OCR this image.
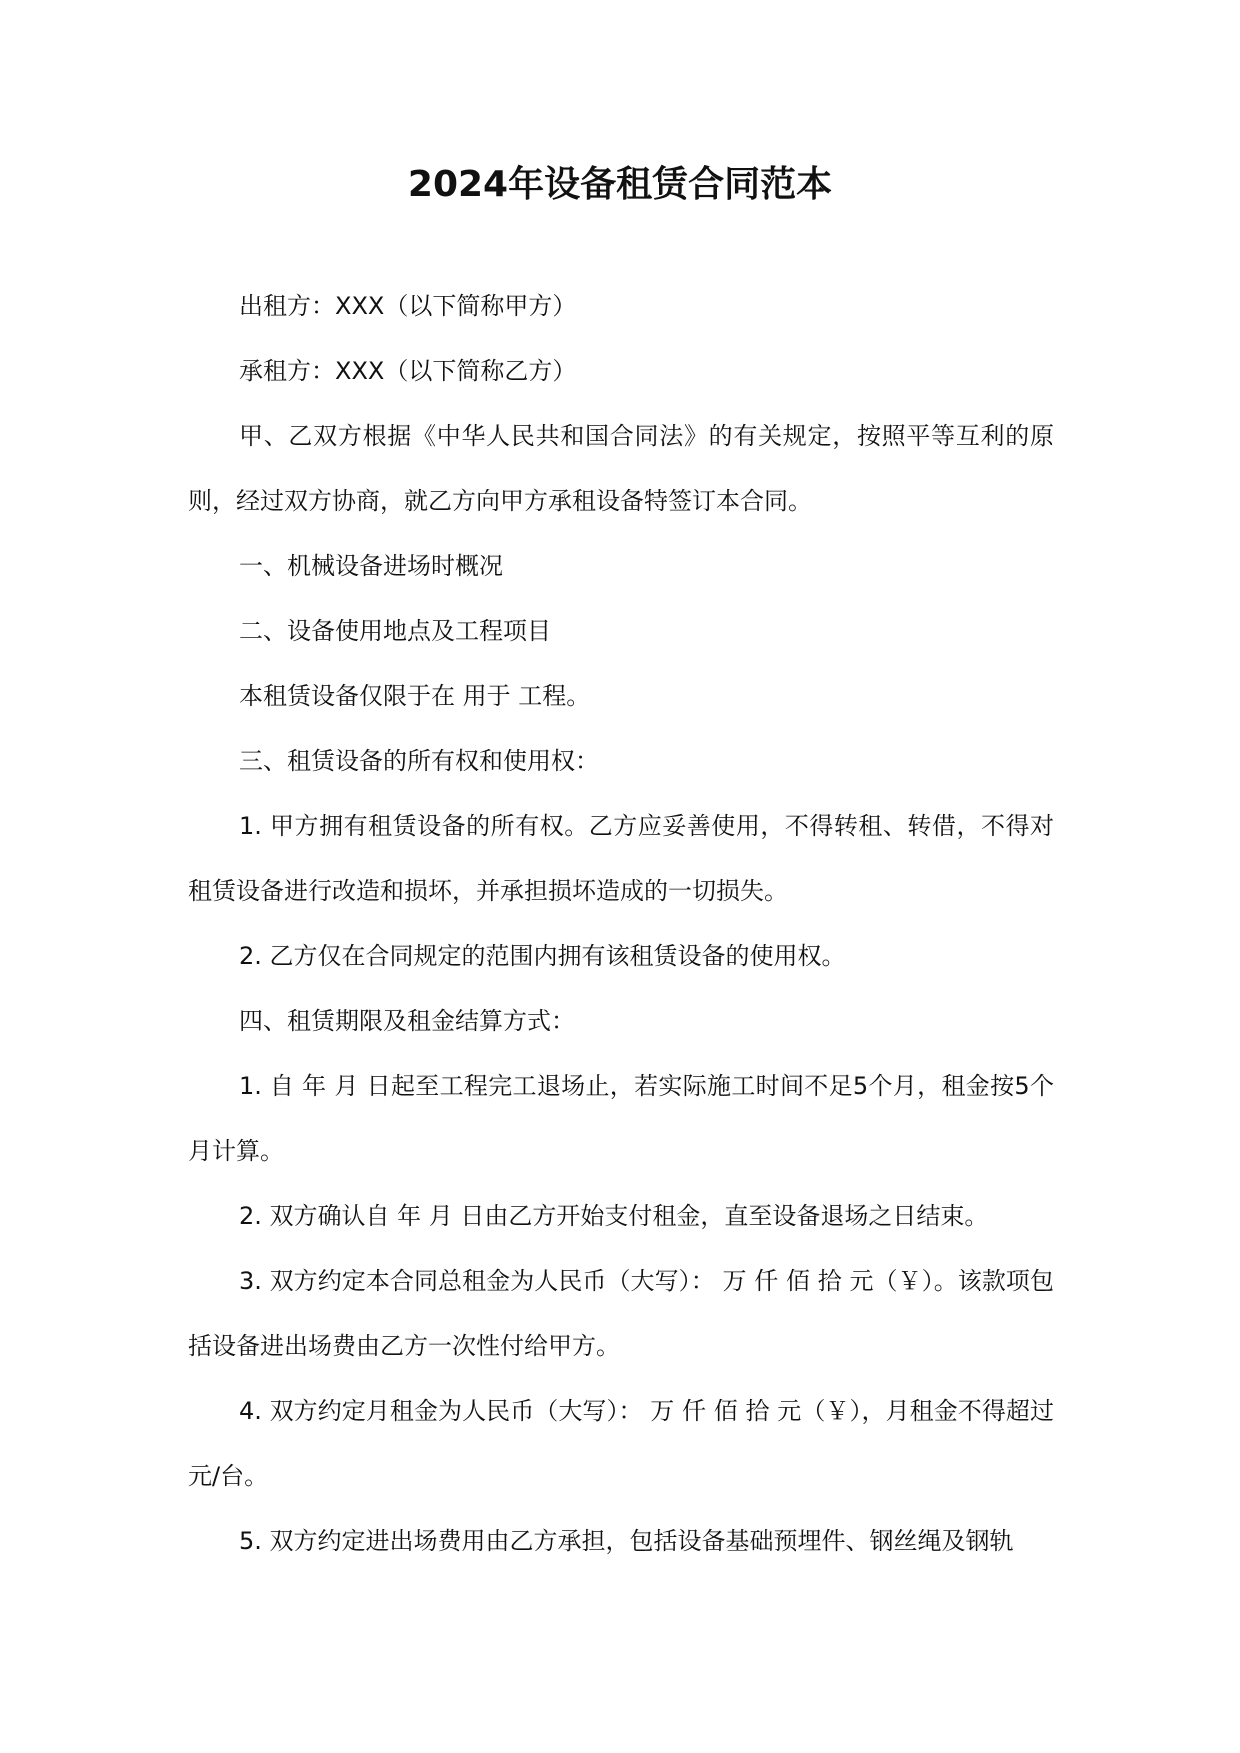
2024年设备租赁合同范本

出租方：XXX（以下简称甲方）

承租方：XXX（以下简称乙方）

甲、乙双方根据《中华人民共和国合同法》的有关规定，按照平等互利的原则，经过双方协商，就乙方向甲方承租设备特签订本合同。

一、机械设备进场时概况

二、设备使用地点及工程项目

本租赁设备仅限于在 用于 工程。

三、租赁设备的所有权和使用权：

1. 甲方拥有租赁设备的所有权。乙方应妥善使用，不得转租、转借，不得对租赁设备进行改造和损坏，并承担损坏造成的一切损失。

2. 乙方仅在合同规定的范围内拥有该租赁设备的使用权。

四、租赁期限及租金结算方式：

1. 自 年 月 日起至工程完工退场止，若实际施工时间不足5个月，租金按5个月计算。

2. 双方确认自 年 月 日由乙方开始支付租金，直至设备退场之日结束。

3. 双方约定本合同总租金为人民币（大写）： 万 仟 佰 拾 元（￥）。该款项包括设备进出场费由乙方一次性付给甲方。

4. 双方约定月租金为人民币（大写）： 万 仟 佰 拾 元（￥），月租金不得超过 元/台。

5. 双方约定进出场费用由乙方承担，包括设备基础预埋件、钢丝绳及钢轨
